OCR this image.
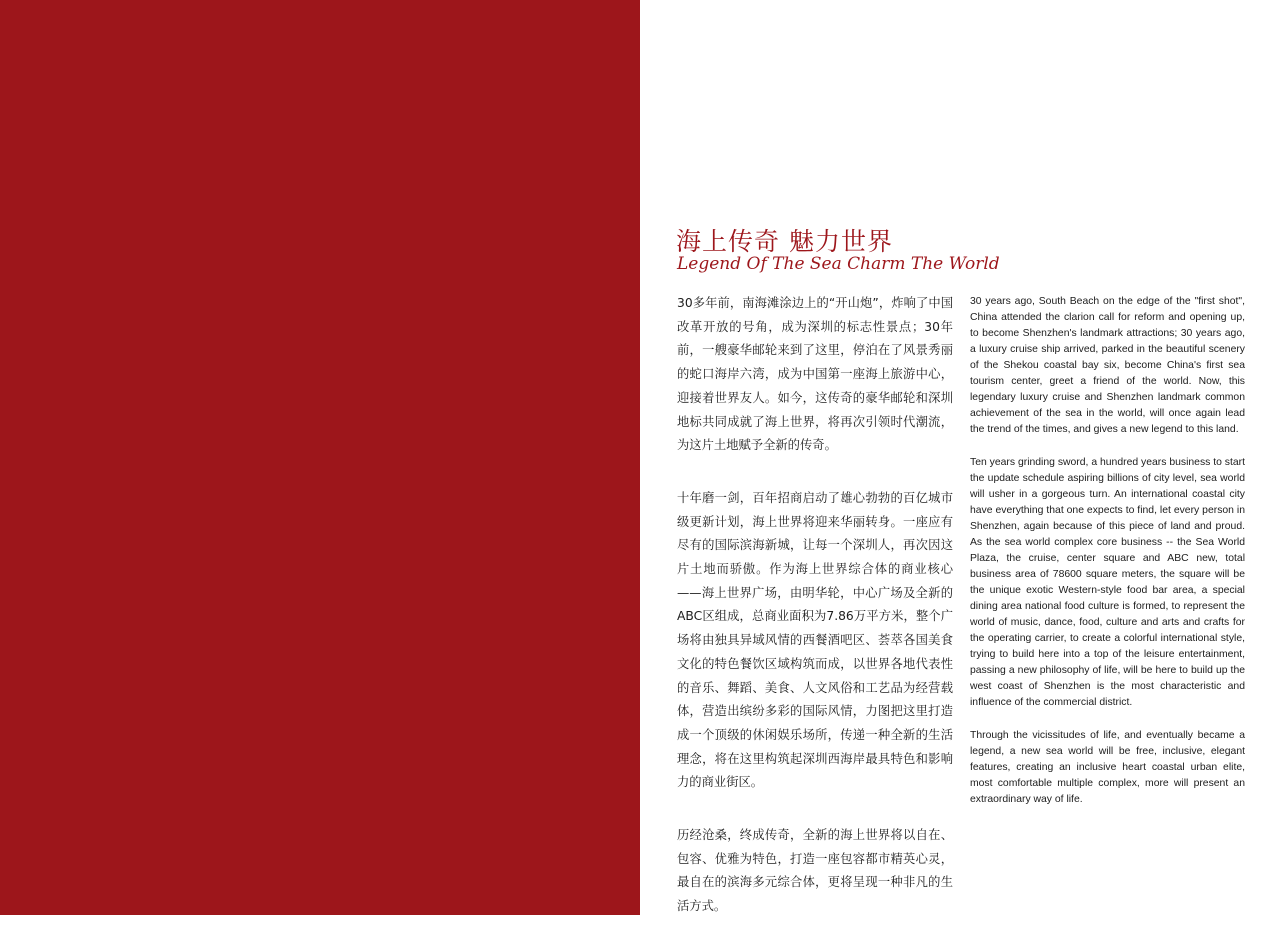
海上传奇 魅力世界
Legend Of The Sea Charm The World

30多年前，南海滩涂边上的“开山炮”，炸响了中国改革开放的号角，成为深圳的标志性景点；30年前，一艘豪华邮轮来到了这里，停泊在了风景秀丽的蛇口海岸六湾，成为中国第一座海上旅游中心，迎接着世界友人。如今，这传奇的豪华邮轮和深圳地标共同成就了海上世界，将再次引领时代潮流，为这片土地赋予全新的传奇。

十年磨一剑，百年招商启动了雄心勃勃的百亿城市级更新计划，海上世界将迎来华丽转身。一座应有尽有的国际滨海新城，让每一个深圳人，再次因这片土地而骄傲。作为海上世界综合体的商业核心——海上世界广场，由明华轮，中心广场及全新的ABC区组成，总商业面积为7.86万平方米，整个广场将由独具异域风情的西餐酒吧区、荟萃各国美食文化的特色餐饮区域构筑而成，以世界各地代表性的音乐、舞蹈、美食、人文风俗和工艺品为经营载体，营造出缤纷多彩的国际风情，力图把这里打造成一个顶级的休闲娱乐场所，传递一种全新的生活理念，将在这里构筑起深圳西海岸最具特色和影响力的商业街区。

历经沧桑，终成传奇，全新的海上世界将以自在、包容、优雅为特色，打造一座包容都市精英心灵，最自在的滨海多元综合体，更将呈现一种非凡的生活方式。

30 years ago, South Beach on the edge of the "first shot", China attended the clarion call for reform and opening up, to become Shenzhen's landmark attractions; 30 years ago, a luxury cruise ship arrived, parked in the beautiful scenery of the Shekou coastal bay six, become China's first sea tourism center, greet a friend of the world. Now, this legendary luxury cruise and Shenzhen landmark common achievement of the sea in the world, will once again lead the trend of the times, and gives a new legend to this land.

Ten years grinding sword, a hundred years business to start the update schedule aspiring billions of city level, sea world will usher in a gorgeous turn. An international coastal city have everything that one expects to find, let every person in Shenzhen, again because of this piece of land and proud. As the sea world complex core business -- the Sea World Plaza, the cruise, center square and ABC new, total business area of 78600 square meters, the square will be the unique exotic Western-style food bar area, a special dining area national food culture is formed, to represent the world of music, dance, food, culture and arts and crafts for the operating carrier, to create a colorful international style, trying to build here into a top of the leisure entertainment, passing a new philosophy of life, will be here to build up the west coast of Shenzhen is the most characteristic and influence of the commercial district.

Through the vicissitudes of life, and eventually became a legend, a new sea world will be free, inclusive, elegant features, creating an inclusive heart coastal urban elite, most comfortable multiple complex, more will present an extraordinary way of life.
